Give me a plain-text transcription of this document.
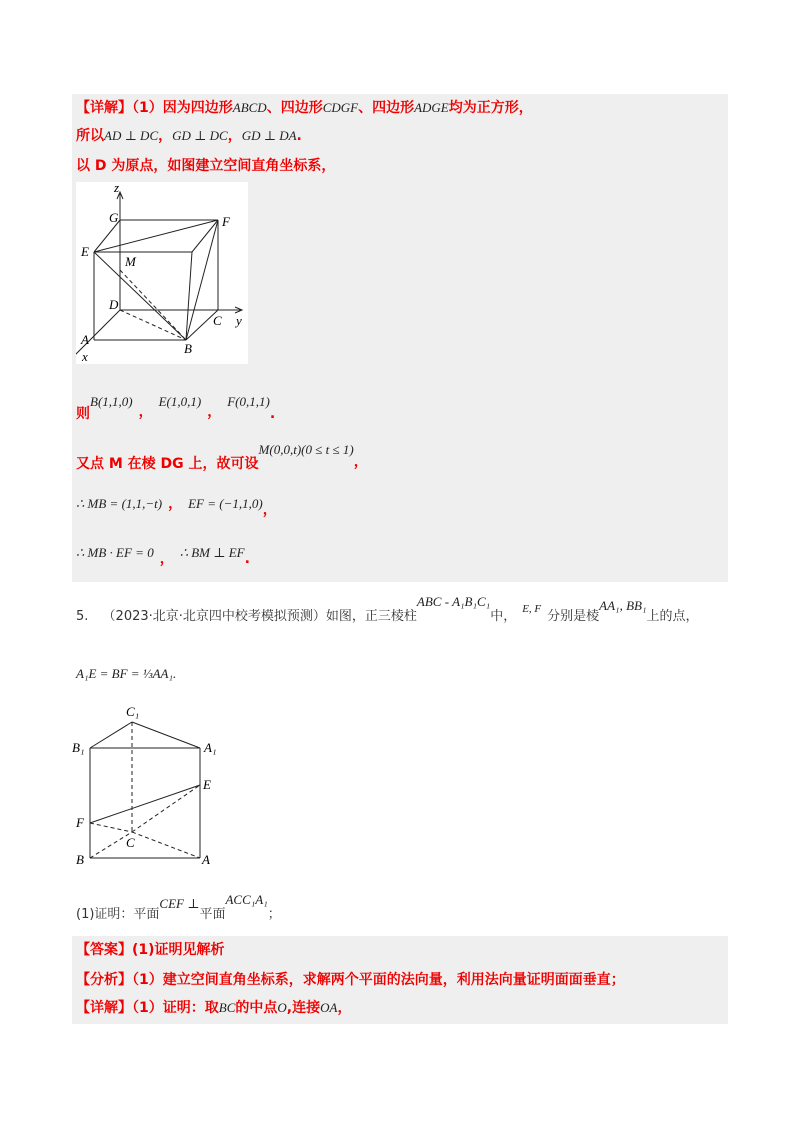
【详解】（1）因为四边形ABCD、四边形CDGF、四边形ADGE均为正方形，
所以AD ⊥ DC，GD ⊥ DC，GD ⊥ DA.
以 D 为原点，如图建立空间直角坐标系，
z
G	F
E
M
D
C y
A
B
x
则B(1,1,0)，E(1,0,1)，F(0,1,1).
又点 M 在棱 DG 上，故可设M(0,0,t)(0 ≤ t ≤ 1)，
∴ MB = (1,1,−t) ， EF = (−1,1,0)，
∴ MB · EF = 0 ， ∴ BM ⊥ EF.
5. （2023·北京·北京四中校考模拟预测）如图，正三棱柱ABC - A₁B₁C₁中， $^{E, F}$ 分别是棱AA₁, BB₁上的点，
A₁E = BF = ⅓AA₁.
C₁
B₁	A₁
E
F
C
B	A
(1)证明：平面CEF ⊥平面ACC₁A₁；
【答案】(1)证明见解析
【分析】（1）建立空间直角坐标系，求解两个平面的法向量，利用法向量证明面面垂直；
【详解】（1）证明：取BC的中点O,连接OA，
